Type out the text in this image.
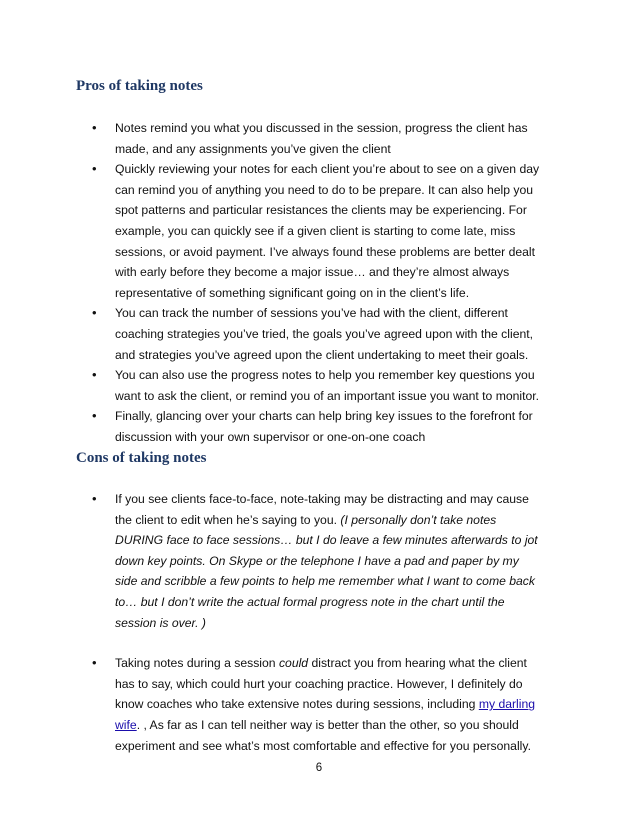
Pros of taking notes
• Notes remind you what you discussed in the session, progress the client has made, and any assignments you’ve given the client
• Quickly reviewing your notes for each client you’re about to see on a given day can remind you of anything you need to do to be prepare. It can also help you spot patterns and particular resistances the clients may be experiencing. For example, you can quickly see if a given client is starting to come late, miss sessions, or avoid payment. I’ve always found these problems are better dealt with early before they become a major issue… and they’re almost always representative of something significant going on in the client’s life.
• You can track the number of sessions you’ve had with the client, different coaching strategies you’ve tried, the goals you’ve agreed upon with the client, and strategies you’ve agreed upon the client undertaking to meet their goals.
• You can also use the progress notes to help you remember key questions you want to ask the client, or remind you of an important issue you want to monitor.
• Finally, glancing over your charts can help bring key issues to the forefront for discussion with your own supervisor or one-on-one coach
Cons of taking notes
• If you see clients face-to-face, note-taking may be distracting and may cause the client to edit when he’s saying to you. (I personally don’t take notes DURING face to face sessions… but I do leave a few minutes afterwards to jot down key points. On Skype or the telephone I have a pad and paper by my side and scribble a few points to help me remember what I want to come back to… but I don’t write the actual formal progress note in the chart until the session is over. )
• Taking notes during a session could distract you from hearing what the client has to say, which could hurt your coaching practice. However, I definitely do know coaches who take extensive notes during sessions, including my darling wife. , As far as I can tell neither way is better than the other, so you should experiment and see what’s most comfortable and effective for you personally.
6
